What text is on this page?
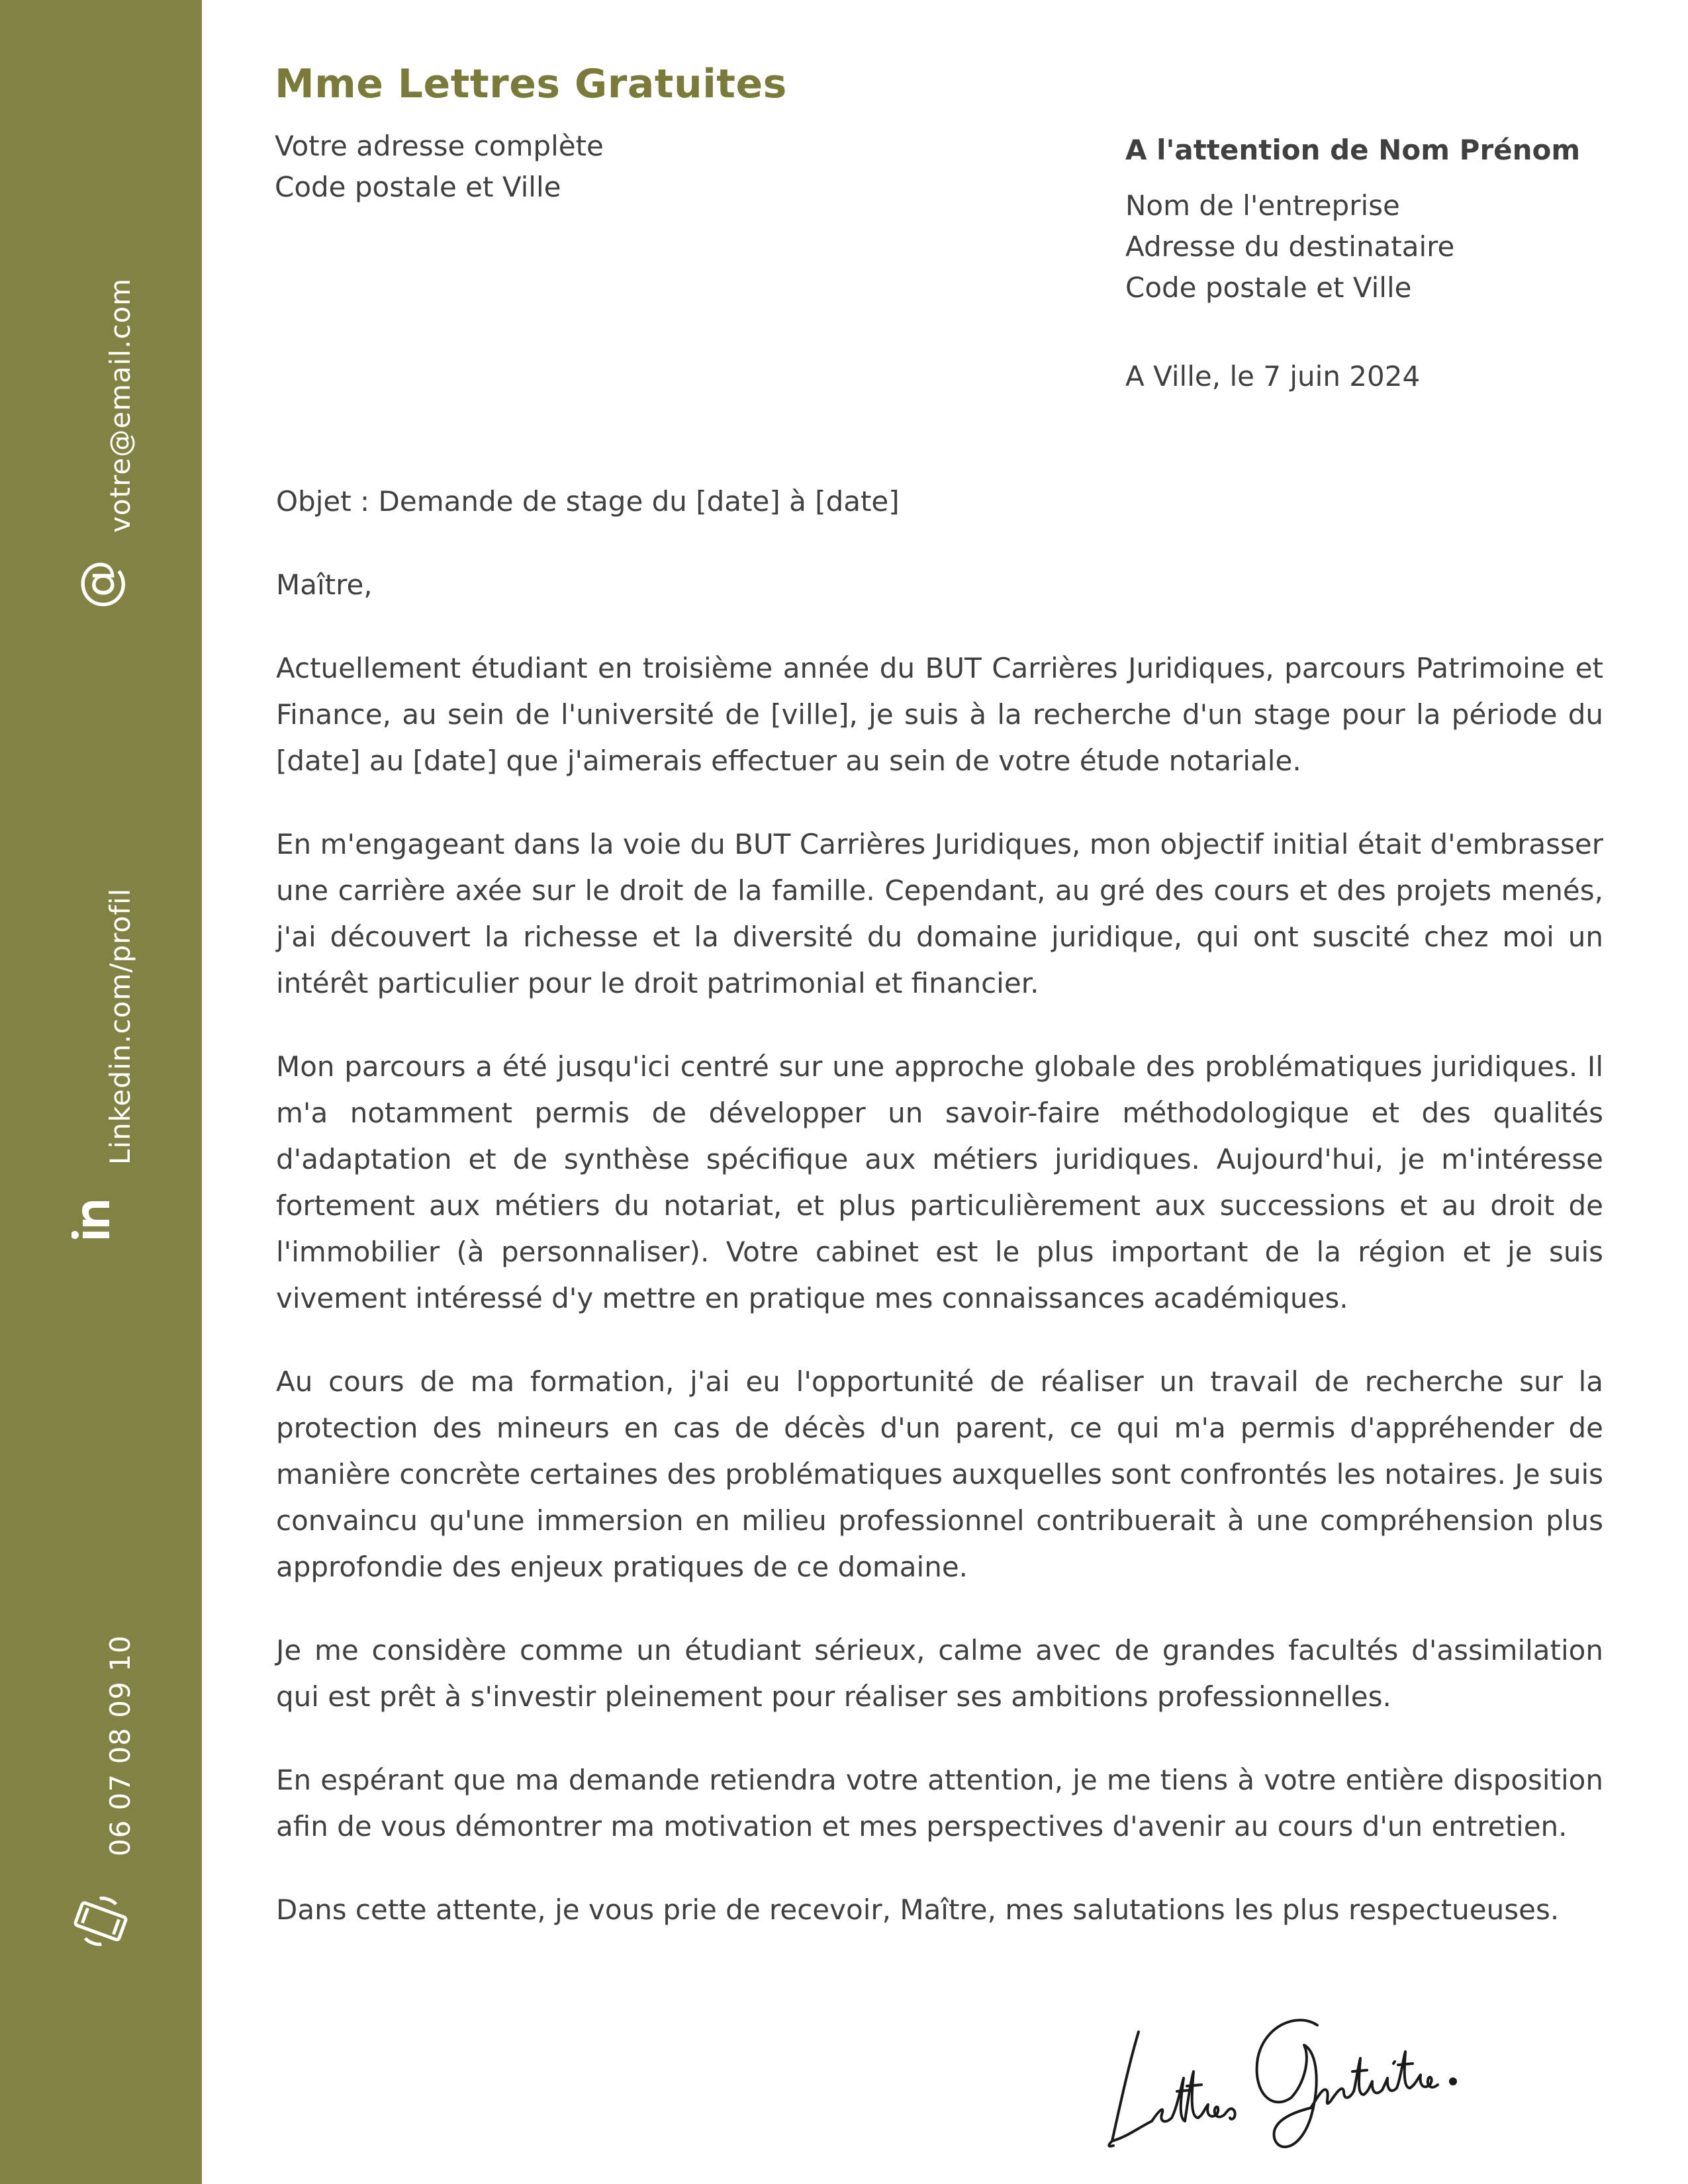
votre@email.com
@
Linkedin.com/profil
06 07 08 09 10
Mme Lettres Gratuites
Votre adresse complète
Code postale et Ville
A l'attention de Nom Prénom
Nom de l'entreprise
Adresse du destinataire
Code postale et Ville
A Ville, le 7 juin 2024

Objet : Demande de stage du [date] à [date]

Maître,

Actuellement étudiant en troisième année du BUT Carrières Juridiques, parcours Patrimoine et Finance, au sein de l'université de [ville], je suis à la recherche d'un stage pour la période du [date] au [date] que j'aimerais effectuer au sein de votre étude notariale.

En m'engageant dans la voie du BUT Carrières Juridiques, mon objectif initial était d'embrasser une carrière axée sur le droit de la famille. Cependant, au gré des cours et des projets menés, j'ai découvert la richesse et la diversité du domaine juridique, qui ont suscité chez moi un intérêt particulier pour le droit patrimonial et financier.

Mon parcours a été jusqu'ici centré sur une approche globale des problématiques juridiques. Il m'a notamment permis de développer un savoir-faire méthodologique et des qualités d'adaptation et de synthèse spécifique aux métiers juridiques. Aujourd'hui, je m'intéresse fortement aux métiers du notariat, et plus particulièrement aux successions et au droit de l'immobilier (à personnaliser). Votre cabinet est le plus important de la région et je suis vivement intéressé d'y mettre en pratique mes connaissances académiques.

Au cours de ma formation, j'ai eu l'opportunité de réaliser un travail de recherche sur la protection des mineurs en cas de décès d'un parent, ce qui m'a permis d'appréhender de manière concrète certaines des problématiques auxquelles sont confrontés les notaires. Je suis convaincu qu'une immersion en milieu professionnel contribuerait à une compréhension plus approfondie des enjeux pratiques de ce domaine.

Je me considère comme un étudiant sérieux, calme avec de grandes facultés d'assimilation qui est prêt à s'investir pleinement pour réaliser ses ambitions professionnelles.

En espérant que ma demande retiendra votre attention, je me tiens à votre entière disposition afin de vous démontrer ma motivation et mes perspectives d'avenir au cours d'un entretien.

Dans cette attente, je vous prie de recevoir, Maître, mes salutations les plus respectueuses.
